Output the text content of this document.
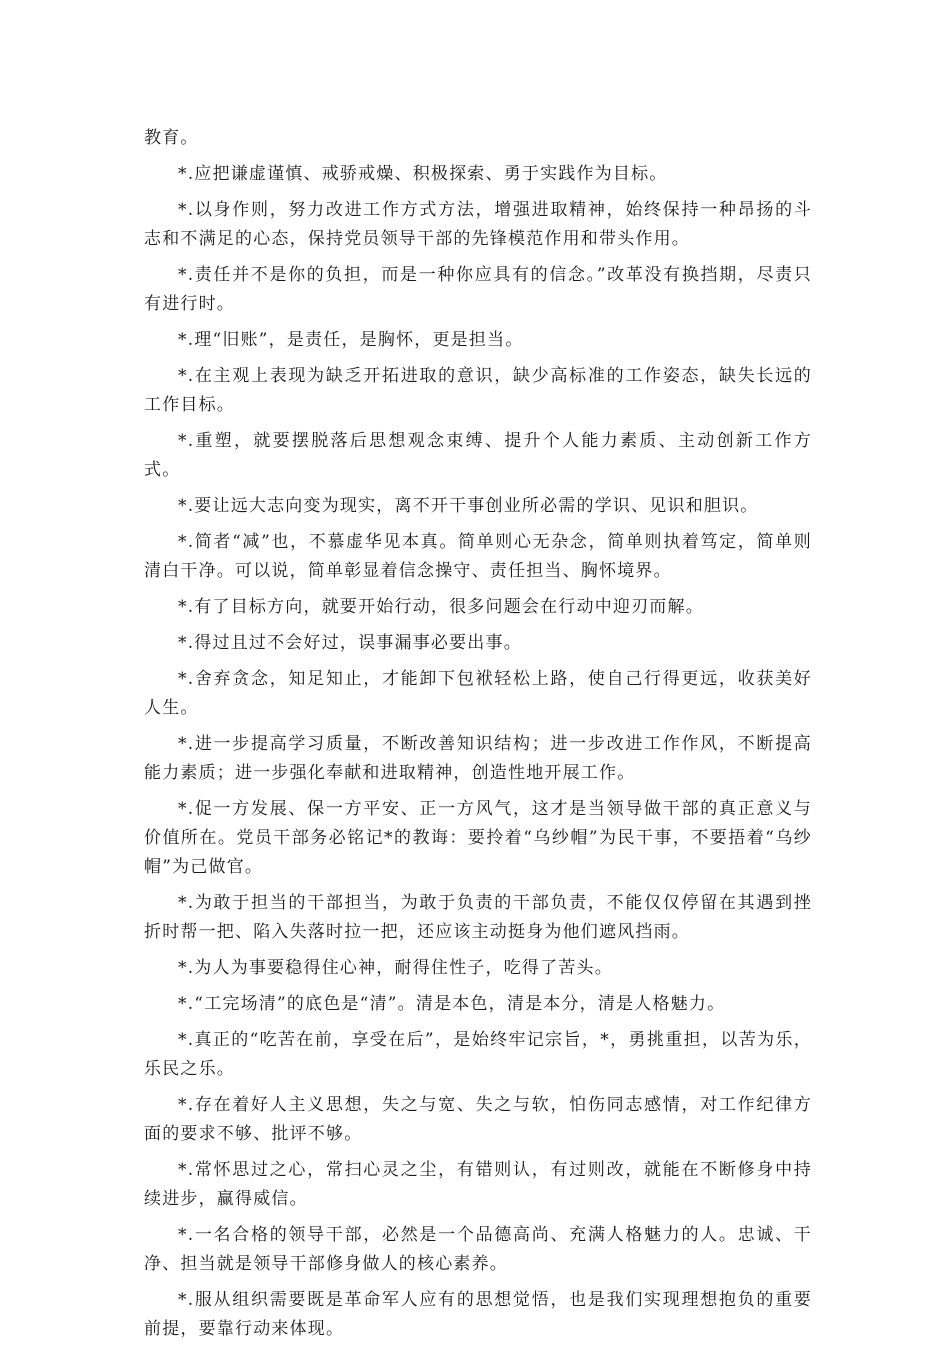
教育。

*.应把谦虚谨慎、戒骄戒燥、积极探索、勇于实践作为目标。

*.以身作则，努力改进工作方式方法，增强进取精神，始终保持一种昂扬的斗志和不满足的心态，保持党员领导干部的先锋模范作用和带头作用。

*.责任并不是你的负担，而是一种你应具有的信念。”改革没有换挡期，尽责只有进行时。

*.理“旧账”，是责任，是胸怀，更是担当。

*.在主观上表现为缺乏开拓进取的意识，缺少高标准的工作姿态，缺失长远的工作目标。

*.重塑，就要摆脱落后思想观念束缚、提升个人能力素质、主动创新工作方式。

*.要让远大志向变为现实，离不开干事创业所必需的学识、见识和胆识。

*.简者“减”也，不慕虚华见本真。简单则心无杂念，简单则执着笃定，简单则清白干净。可以说，简单彰显着信念操守、责任担当、胸怀境界。

*.有了目标方向，就要开始行动，很多问题会在行动中迎刃而解。

*.得过且过不会好过，误事漏事必要出事。

*.舍弃贪念，知足知止，才能卸下包袱轻松上路，使自己行得更远，收获美好人生。

*.进一步提高学习质量，不断改善知识结构；进一步改进工作作风，不断提高能力素质；进一步强化奉献和进取精神，创造性地开展工作。

*.促一方发展、保一方平安、正一方风气，这才是当领导做干部的真正意义与价值所在。党员干部务必铭记*的教诲：要拎着“乌纱帽”为民干事，不要捂着“乌纱帽”为己做官。

*.为敢于担当的干部担当，为敢于负责的干部负责，不能仅仅停留在其遇到挫折时帮一把、陷入失落时拉一把，还应该主动挺身为他们遮风挡雨。

*.为人为事要稳得住心神，耐得住性子，吃得了苦头。

*.“工完场清”的底色是“清”。清是本色，清是本分，清是人格魅力。

*.真正的“吃苦在前，享受在后”，是始终牢记宗旨，*，勇挑重担，以苦为乐，乐民之乐。

*.存在着好人主义思想，失之与宽、失之与软，怕伤同志感情，对工作纪律方面的要求不够、批评不够。

*.常怀思过之心，常扫心灵之尘，有错则认，有过则改，就能在不断修身中持续进步，赢得威信。

*.一名合格的领导干部，必然是一个品德高尚、充满人格魅力的人。忠诚、干净、担当就是领导干部修身做人的核心素养。

*.服从组织需要既是革命军人应有的思想觉悟，也是我们实现理想抱负的重要前提，要靠行动来体现。
